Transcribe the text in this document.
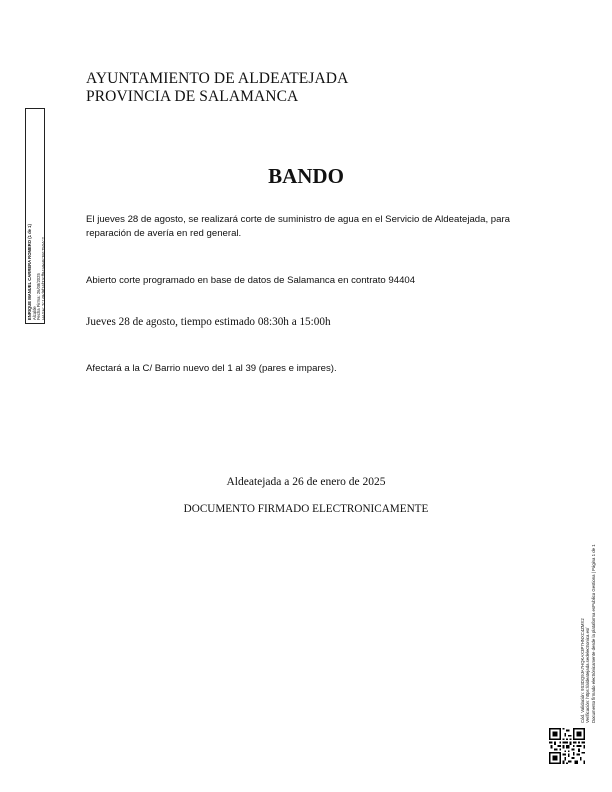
AYUNTAMIENTO DE ALDEATEJADA
PROVINCIA DE SALAMANCA
ENRIQUE MANUEL CARRERA ROMERO (1 de 1) Alcalde Fecha Firma: 26/08/2025 HASH: 2c149d9f16f33cff94a9e8c3917504c2
BANDO
El jueves 28 de agosto, se realizará corte de suministro de agua en el Servicio de Aldeatejada, para reparación de avería en red general.
Abierto corte programado en base de datos de Salamanca en contrato 94404
Jueves 28 de agosto, tiempo estimado 08:30h a 15:00h
Afectará a la C/ Barrio nuevo del 1 al 39 (pares e impares).
Aldeatejada a 26 de enero de 2025
DOCUMENTO FIRMADO ELECTRONICAMENTE
Cód. Validación: 9S3DQ9JA7HQKAX3P7HNXC4ZMX2 Verificación: https://aldeatejada.sedelectronica.es/ Documento firmado electrónicamente desde la plataforma esPublico Gestiona | Página 1 de 1
